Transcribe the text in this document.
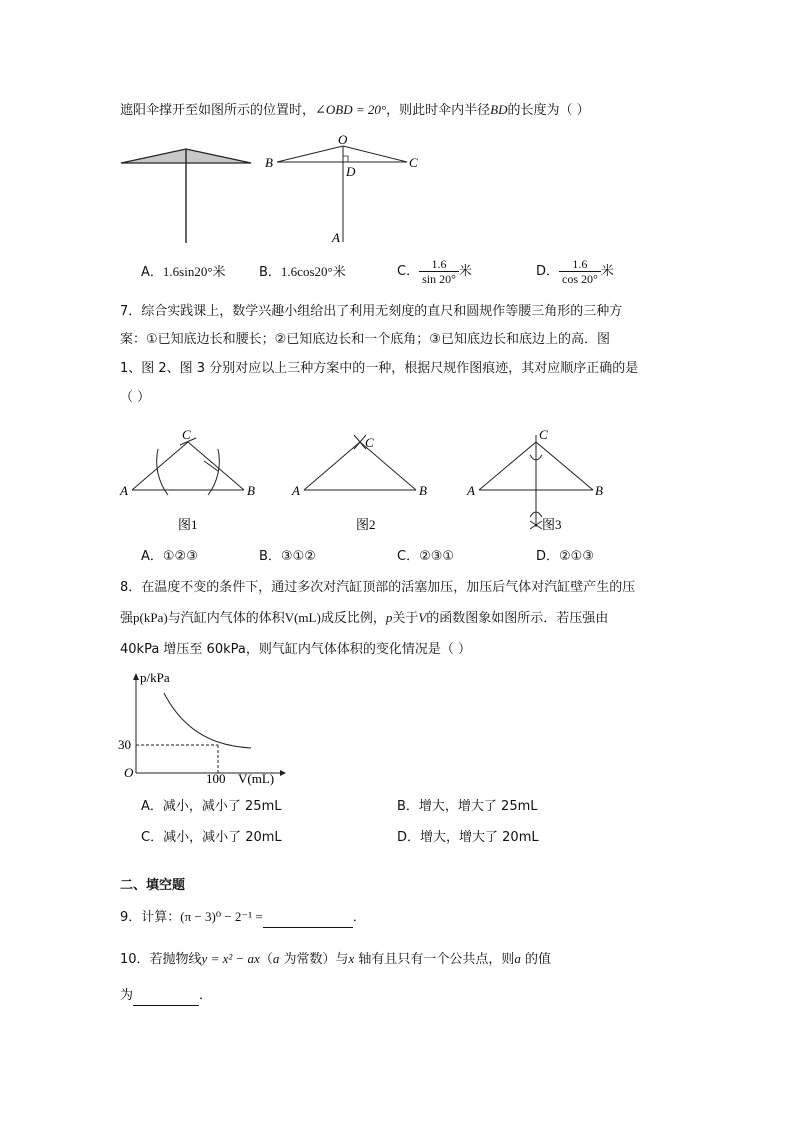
遮阳伞撑开至如图所示的位置时，∠OBD = 20°，则此时伞内半径BD的长度为（ ）
O
B	C
D
A
A．1.6sin20°米	B．1.6cos20°米	C． $\frac{1.6}{\sin 20^\circ}$ 米	D． $\frac{1.6}{\cos 20^\circ}$ 米
7．综合实践课上，数学兴趣小组给出了利用无刻度的直尺和圆规作等腰三角形的三种方
案：①已知底边长和腰长；②已知底边长和一个底角；③已知底边长和底边上的高．图
1、图 2、图 3 分别对应以上三种方案中的一种，根据尺规作图痕迹，其对应顺序正确的是
（ ）
C
A	B
图1
C
A	B
图2
C
A	B
图3
A．①②③	B．③①②	C．②③①	D．②①③
8．在温度不变的条件下，通过多次对汽缸顶部的活塞加压，加压后气体对汽缸壁产生的压
强p(kPa)与汽缸内气体的体积V(mL)成反比例，p关于V的函数图象如图所示．若压强由
40kPa 增压至 60kPa，则气缸内气体体积的变化情况是（ ）
p/kPa
V(mL)
O
30
100
A．减小，减小了 25mL	B．增大，增大了 25mL
C．减小，减小了 20mL	D．增大，增大了 20mL
二、填空题
9．计算：(π − 3)⁰ − 2⁻¹ =	．
10．若抛物线y = x² − ax（a 为常数）与x 轴有且只有一个公共点，则a 的值
为	．
